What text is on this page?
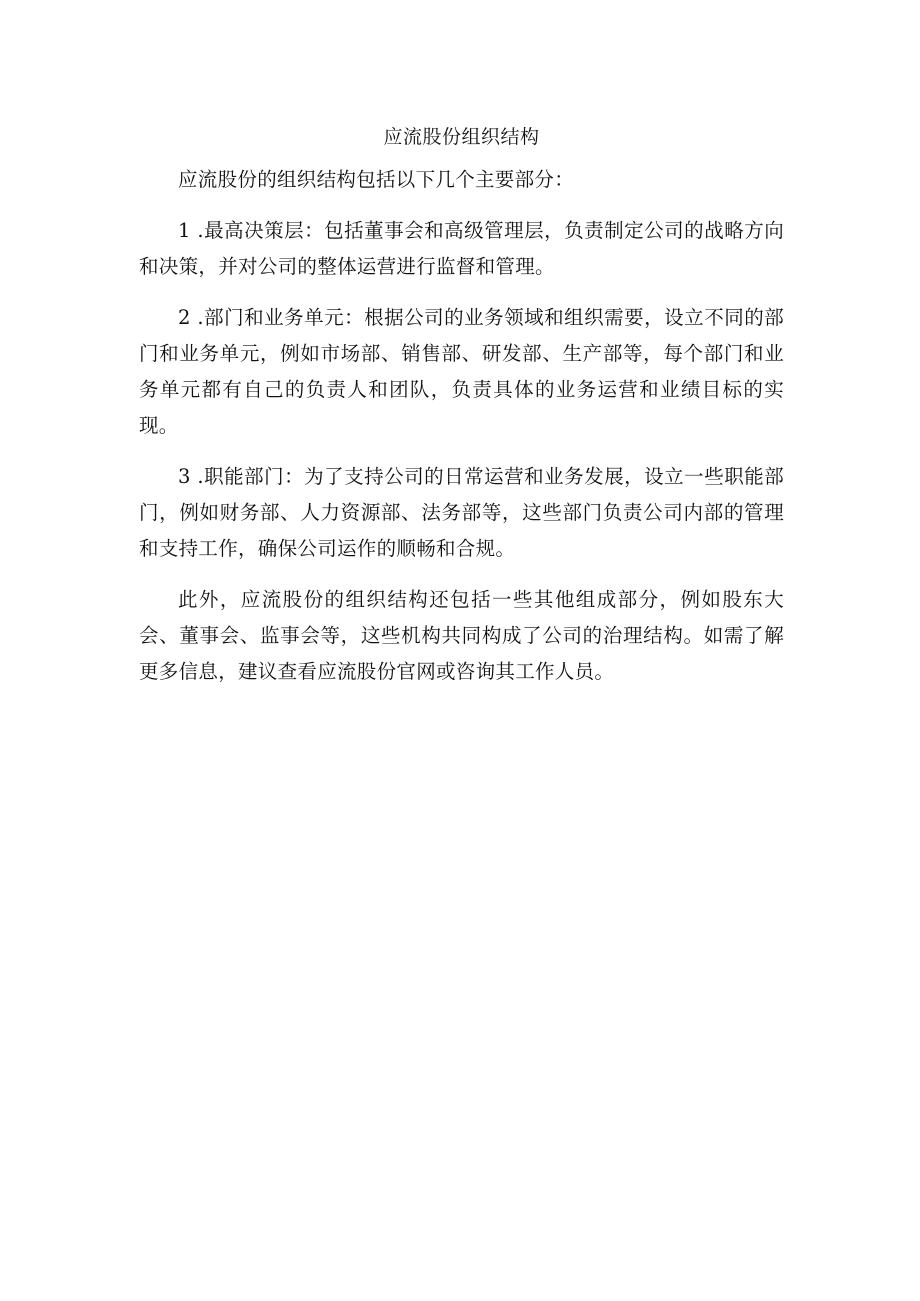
应流股份组织结构

应流股份的组织结构包括以下几个主要部分：

1 .最高决策层：包括董事会和高级管理层，负责制定公司的战略方向和决策，并对公司的整体运营进行监督和管理。

2 .部门和业务单元：根据公司的业务领域和组织需要，设立不同的部门和业务单元，例如市场部、销售部、研发部、生产部等，每个部门和业务单元都有自己的负责人和团队，负责具体的业务运营和业绩目标的实现。

3 .职能部门：为了支持公司的日常运营和业务发展，设立一些职能部门，例如财务部、人力资源部、法务部等，这些部门负责公司内部的管理和支持工作，确保公司运作的顺畅和合规。

此外，应流股份的组织结构还包括一些其他组成部分，例如股东大会、董事会、监事会等，这些机构共同构成了公司的治理结构。如需了解更多信息，建议查看应流股份官网或咨询其工作人员。
